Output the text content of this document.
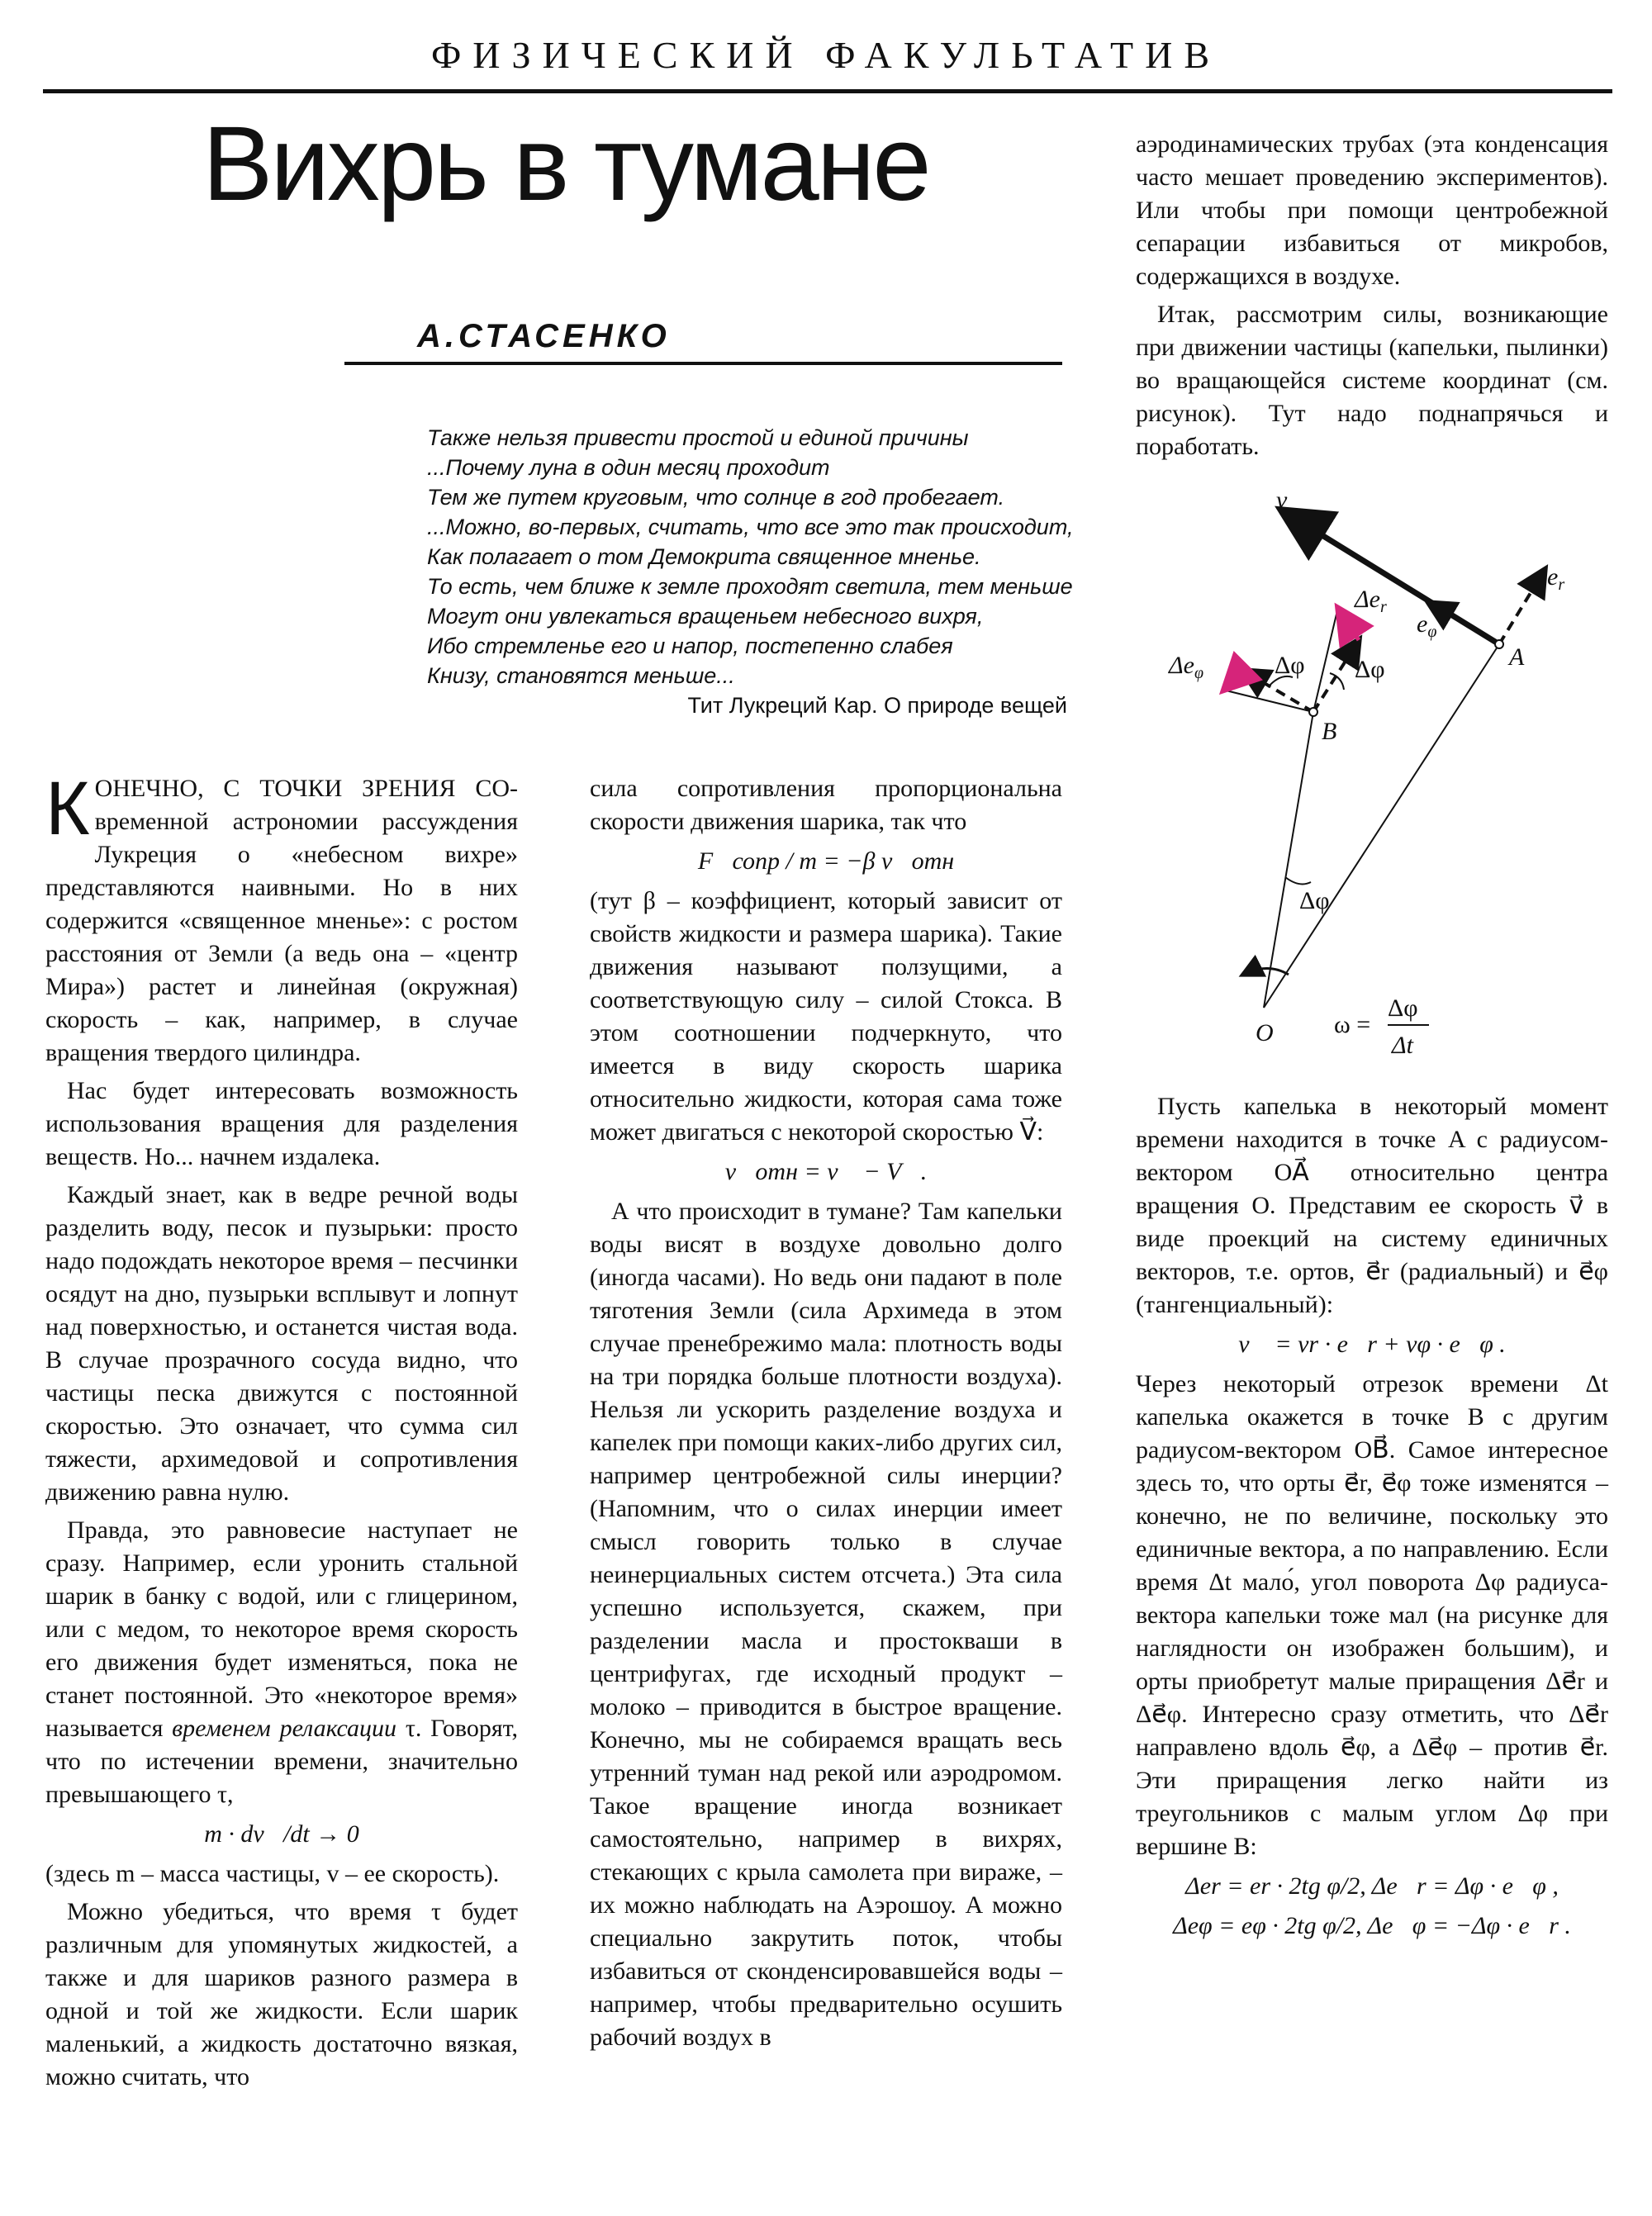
ФИЗИЧЕСКИЙ ФАКУЛЬТАТИВ
Вихрь в тумане
А.СТАСЕНКО
Также нельзя привести простой и единой причины
...Почему луна в один месяц проходит
Тем же путем круговым, что солнце в год пробегает.
...Можно, во-первых, считать, что все это так происходит,
Как полагает о том Демокрита священное мненье.
То есть, чем ближе к земле проходят светила, тем меньше
Могут они увлекаться вращеньем небесного вихря,
Ибо стремленье его и напор, постепенно слабея
Книзу, становятся меньше...
Тит Лукреций Кар. О природе вещей

КОНЕЧНО, С ТОЧКИ ЗРЕНИЯ СО-временной астрономии рассуждения Лукреция о «небесном вихре» представляются наивными. Но в них содержится «священное мненье»: с ростом расстояния от Земли (а ведь она – «центр Мира») растет и линейная (окружная) скорость – как, например, в случае вращения твердого цилиндра.

Нас будет интересовать возможность использования вращения для разделения веществ. Но... начнем издалека.

Каждый знает, как в ведре речной воды разделить воду, песок и пузырьки: просто надо подождать некоторое время – песчинки осядут на дно, пузырьки всплывут и лопнут над поверхностью, и останется чистая вода. В случае прозрачного сосуда видно, что частицы песка движутся с постоянной скоростью. Это означает, что сумма сил тяжести, архимедовой и сопротивления движению равна нулю.

Правда, это равновесие наступает не сразу. Например, если уронить стальной шарик в банку с водой, или с глицерином, или с медом, то некоторое время скорость его движения будет изменяться, пока не станет постоянной. Это «некоторое время» называется временем релаксации τ. Говорят, что по истечении времени, значительно превышающего τ,

m · dv⃗/dt → 0

(здесь m – масса частицы, v – ее скорость).

Можно убедиться, что время τ будет различным для упомянутых жидкостей, а также и для шариков разного размера в одной и той же жидкости. Если шарик маленький, а жидкость достаточно вязкая, можно считать, что

сила сопротивления пропорциональна скорости движения шарика, так что

F⃗сопр / m = −β v⃗отн

(тут β – коэффициент, который зависит от свойств жидкости и размера шарика). Такие движения называют ползущими, а соответствующую силу – силой Стокса. В этом соотношении подчеркнуто, что имеется в виду скорость шарика относительно жидкости, которая сама тоже может двигаться с некоторой скоростью V⃗:

v⃗отн = v⃗ − V⃗.

А что происходит в тумане? Там капельки воды висят в воздухе довольно долго (иногда часами). Но ведь они падают в поле тяготения Земли (сила Архимеда в этом случае пренебрежимо мала: плотность воды на три порядка больше плотности воздуха). Нельзя ли ускорить разделение воздуха и капелек при помощи каких-либо других сил, например центробежной силы инерции? (Напомним, что о силах инерции имеет смысл говорить только в случае неинерциальных систем отсчета.) Эта сила успешно используется, скажем, при разделении масла и простокваши в центрифугах, где исходный продукт – молоко – приводится в быстрое вращение. Конечно, мы не собираемся вращать весь утренний туман над рекой или аэродромом. Такое вращение иногда возникает самостоятельно, например в вихрях, стекающих с крыла самолета при вираже, – их можно наблюдать на Аэрошоу. А можно специально закрутить поток, чтобы избавиться от сконденсировавшейся воды – например, чтобы предварительно осушить рабочий воздух в

аэродинамических трубах (эта конденсация часто мешает проведению экспериментов). Или чтобы при помощи центробежной сепарации избавиться от микробов, содержащихся в воздухе.

Итак, рассмотрим силы, возникающие при движении частицы (капельки, пылинки) во вращающейся системе координат (см. рисунок). Тут надо поднапрячься и поработать.

v
$e_r$
$e_\varphi$
$\Delta e_r$
$\Delta e_\varphi$	Δφ Δφ
Δφ
A
B
O ω =
Δφ
Δt

Пусть капелька в некоторый момент времени находится в точке A с радиусом-вектором OA⃗ относительно центра вращения O. Представим ее скорость v⃗ в виде проекций на систему единичных векторов, т.е. ортов, e⃗r (радиальный) и e⃗φ (тангенциальный):

v⃗ = vr · e⃗r + vφ · e⃗φ .

Через некоторый отрезок времени Δt капелька окажется в точке B с другим радиусом-вектором OB⃗. Самое интересное здесь то, что орты e⃗r, e⃗φ тоже изменятся – конечно, не по величине, поскольку это единичные вектора, а по направлению. Если время Δt мало́, угол поворота Δφ радиуса-вектора капельки тоже мал (на рисунке для наглядности он изображен большим), и орты приобретут малые приращения Δe⃗r и Δe⃗φ. Интересно сразу отметить, что Δe⃗r направлено вдоль e⃗φ, а Δe⃗φ – против e⃗r. Эти приращения легко найти из треугольников с малым углом Δφ при вершине B:

Δer = er · 2tg φ/2, Δe⃗r = Δφ · e⃗φ ,
Δeφ = eφ · 2tg φ/2, Δe⃗φ = −Δφ · e⃗r .
